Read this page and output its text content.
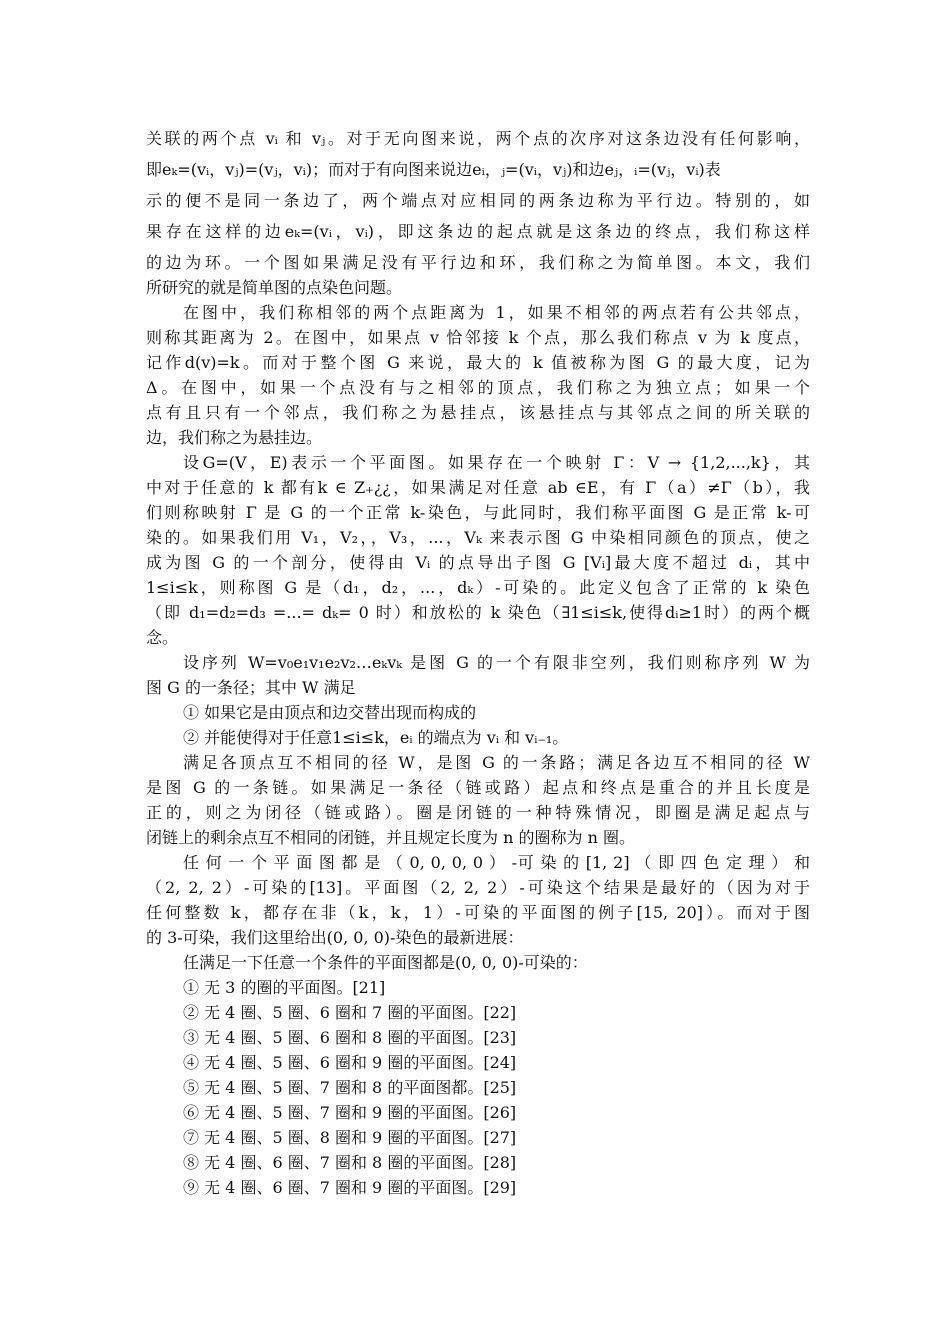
关联的两个点 vᵢ 和 vⱼ。对于无向图来说，两个点的次序对这条边没有任何影响，
即eₖ=(vᵢ，vⱼ)=(vⱼ，vᵢ)；而对于有向图来说边eᵢ，ⱼ=(vᵢ，vⱼ)和边eⱼ，ᵢ=(vⱼ，vᵢ)表
示的便不是同一条边了，两个端点对应相同的两条边称为平行边。特别的，如
果存在这样的边eₖ=(vᵢ，vᵢ)，即这条边的起点就是这条边的终点，我们称这样
的边为环。一个图如果满足没有平行边和环，我们称之为简单图。本文，我们
所研究的就是简单图的点染色问题。
在图中，我们称相邻的两个点距离为 1，如果不相邻的两点若有公共邻点，
则称其距离为 2。在图中，如果点 v 恰邻接 k 个点，那么我们称点 v 为 k 度点，
记作d(v)=k。而对于整个图 G 来说，最大的 k 值被称为图 G 的最大度，记为
Δ。在图中，如果一个点没有与之相邻的顶点，我们称之为独立点；如果一个
点有且只有一个邻点，我们称之为悬挂点，该悬挂点与其邻点之间的所关联的
边，我们称之为悬挂边。
设G=(V，E)表示一个平面图。如果存在一个映射 Γ：V → {1,2,...,k}，其
中对于任意的 k 都有k ∈ Z₊¿¿，如果满足对任意 ab ∈E，有 Γ（a）≠Γ（b），我
们则称映射 Γ 是 G 的一个正常 k-染色，与此同时，我们称平面图 G 是正常 k-可
染的。如果我们用 V₁，V₂，，V₃，...，Vₖ 来表示图 G 中染相同颜色的顶点，使之
成为图 G 的一个剖分，使得由 Vᵢ 的点导出子图 G [Vᵢ]最大度不超过 dᵢ，其中
1≤i≤k，则称图 G 是（d₁，d₂，...，dₖ）-可染的。此定义包含了正常的 k 染色
（即 d₁=d₂=d₃ =...= dₖ= 0 时）和放松的 k 染色（∃1≤i≤k,使得dᵢ≥1时）的两个概
念。
设序列 W=v₀e₁v₁e₂v₂…eₖvₖ 是图 G 的一个有限非空列，我们则称序列 W 为
图 G 的一条径；其中 W 满足
① 如果它是由顶点和边交替出现而构成的
② 并能使得对于任意1≤i≤k，eᵢ 的端点为 vᵢ 和 vᵢ₋₁。
满足各顶点互不相同的径 W，是图 G 的一条路；满足各边互不相同的径 W
是图 G 的一条链。如果满足一条径（链或路）起点和终点是重合的并且长度是
正的，则之为闭径（链或路）。圈是闭链的一种特殊情况，即圈是满足起点与
闭链上的剩余点互不相同的闭链，并且规定长度为 n 的圈称为 n 圈。
任 何 一 个 平 面 图 都 是 （ 0, 0, 0, 0 ） -可 染 的 [1, 2] （ 即 四 色 定 理 ） 和
（2, 2, 2）-可染的[13]。平面图（2, 2, 2）-可染这个结果是最好的（因为对于
任何整数 k，都存在非（k，k，1）-可染的平面图的例子[15, 20]）。而对于图
的 3-可染，我们这里给出(0, 0, 0)-染色的最新进展：
任满足一下任意一个条件的平面图都是(0, 0, 0)-可染的：
① 无 3 的圈的平面图。[21]
② 无 4 圈、5 圈、6 圈和 7 圈的平面图。[22]
③ 无 4 圈、5 圈、6 圈和 8 圈的平面图。[23]
④ 无 4 圈、5 圈、6 圈和 9 圈的平面图。[24]
⑤ 无 4 圈、5 圈、7 圈和 8 的平面图都。[25]
⑥ 无 4 圈、5 圈、7 圈和 9 圈的平面图。[26]
⑦ 无 4 圈、5 圈、8 圈和 9 圈的平面图。[27]
⑧ 无 4 圈、6 圈、7 圈和 8 圈的平面图。[28]
⑨ 无 4 圈、6 圈、7 圈和 9 圈的平面图。[29]
